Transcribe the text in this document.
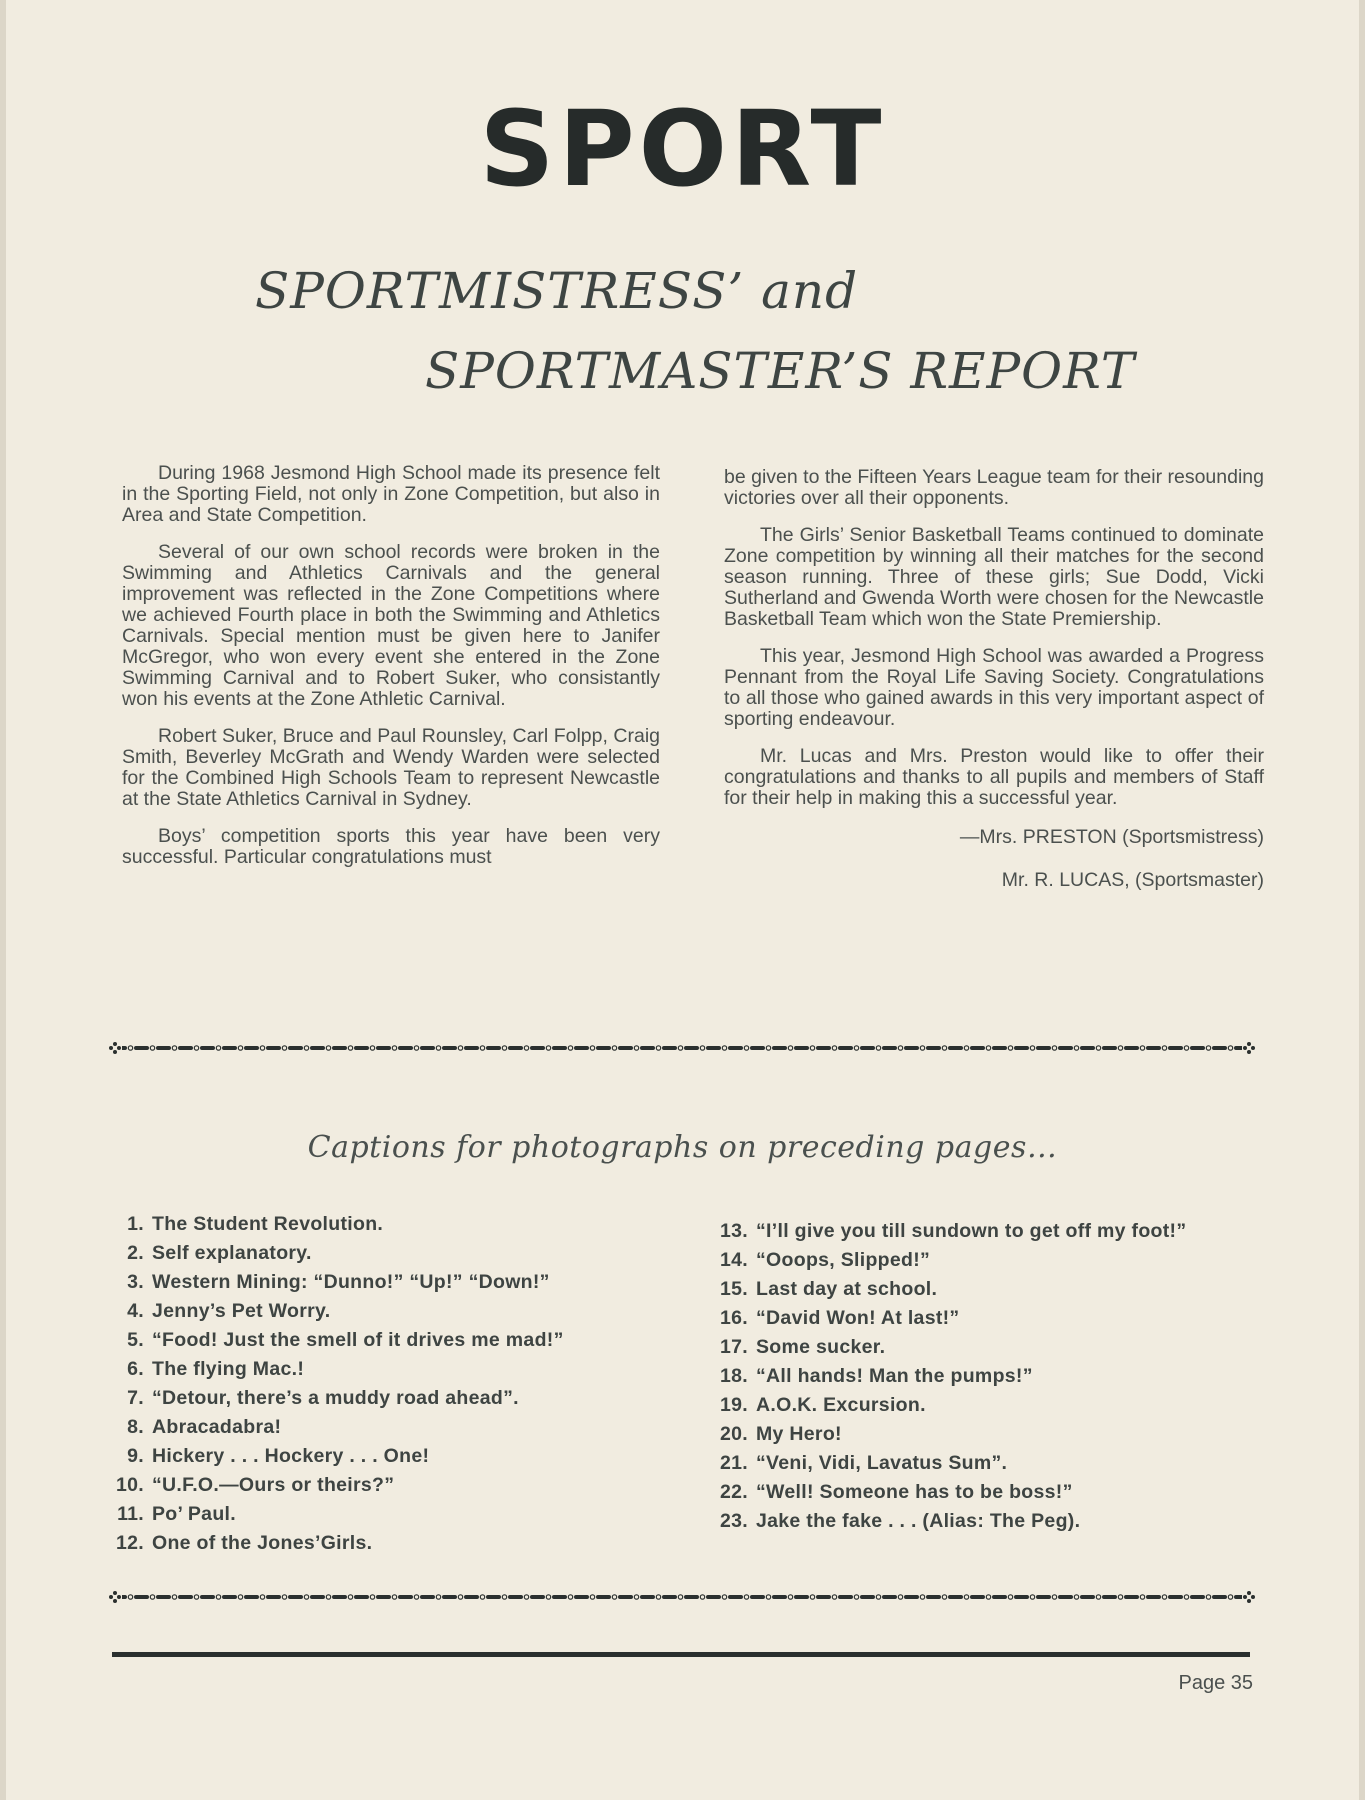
SPORT
SPORTMISTRESS’ and
SPORTMASTER’S REPORT

During 1968 Jesmond High School made its presence felt in the Sporting Field, not only in Zone Competition, but also in Area and State Competition.

Several of our own school records were broken in the Swimming and Athletics Carnivals and the general improvement was reflected in the Zone Competitions where we achieved Fourth place in both the Swimming and Athletics Carnivals. Special mention must be given here to Janifer McGregor, who won every event she entered in the Zone Swimming Carnival and to Robert Suker, who consistantly won his events at the Zone Athletic Carnival.

Robert Suker, Bruce and Paul Rounsley, Carl Folpp, Craig Smith, Beverley McGrath and Wendy Warden were selected for the Combined High Schools Team to represent Newcastle at the State Athletics Carnival in Sydney.

Boys’ competition sports this year have been very successful. Particular congratulations must

be given to the Fifteen Years League team for their resounding victories over all their opponents.

The Girls’ Senior Basketball Teams continued to dominate Zone competition by winning all their matches for the second season running. Three of these girls; Sue Dodd, Vicki Sutherland and Gwenda Worth were chosen for the Newcastle Basketball Team which won the State Premiership.

This year, Jesmond High School was awarded a Progress Pennant from the Royal Life Saving Society. Congratulations to all those who gained awards in this very important aspect of sporting endeavour.

Mr. Lucas and Mrs. Preston would like to offer their congratulations and thanks to all pupils and members of Staff for their help in making this a successful year.

—Mrs. PRESTON (Sportsmistress)
Mr. R. LUCAS, (Sportsmaster)
Captions for photographs on preceding pages…
1. The Student Revolution.
2. Self explanatory.
3. Western Mining: “Dunno!” “Up!” “Down!”
4. Jenny’s Pet Worry.
5. “Food! Just the smell of it drives me mad!”
6. The flying Mac.!
7. “Detour, there’s a muddy road ahead”.
8. Abracadabra!
9. Hickery . . . Hockery . . . One!
10. “U.F.O.—Ours or theirs?”
11. Po’ Paul.
12. One of the Jones’Girls.
13. “I’ll give you till sundown to get off my foot!”
14. “Ooops, Slipped!”
15. Last day at school.
16. “David Won! At last!”
17. Some sucker.
18. “All hands! Man the pumps!”
19. A.O.K. Excursion.
20. My Hero!
21. “Veni, Vidi, Lavatus Sum”.
22. “Well! Someone has to be boss!”
23. Jake the fake . . . (Alias: The Peg).
Page 35
